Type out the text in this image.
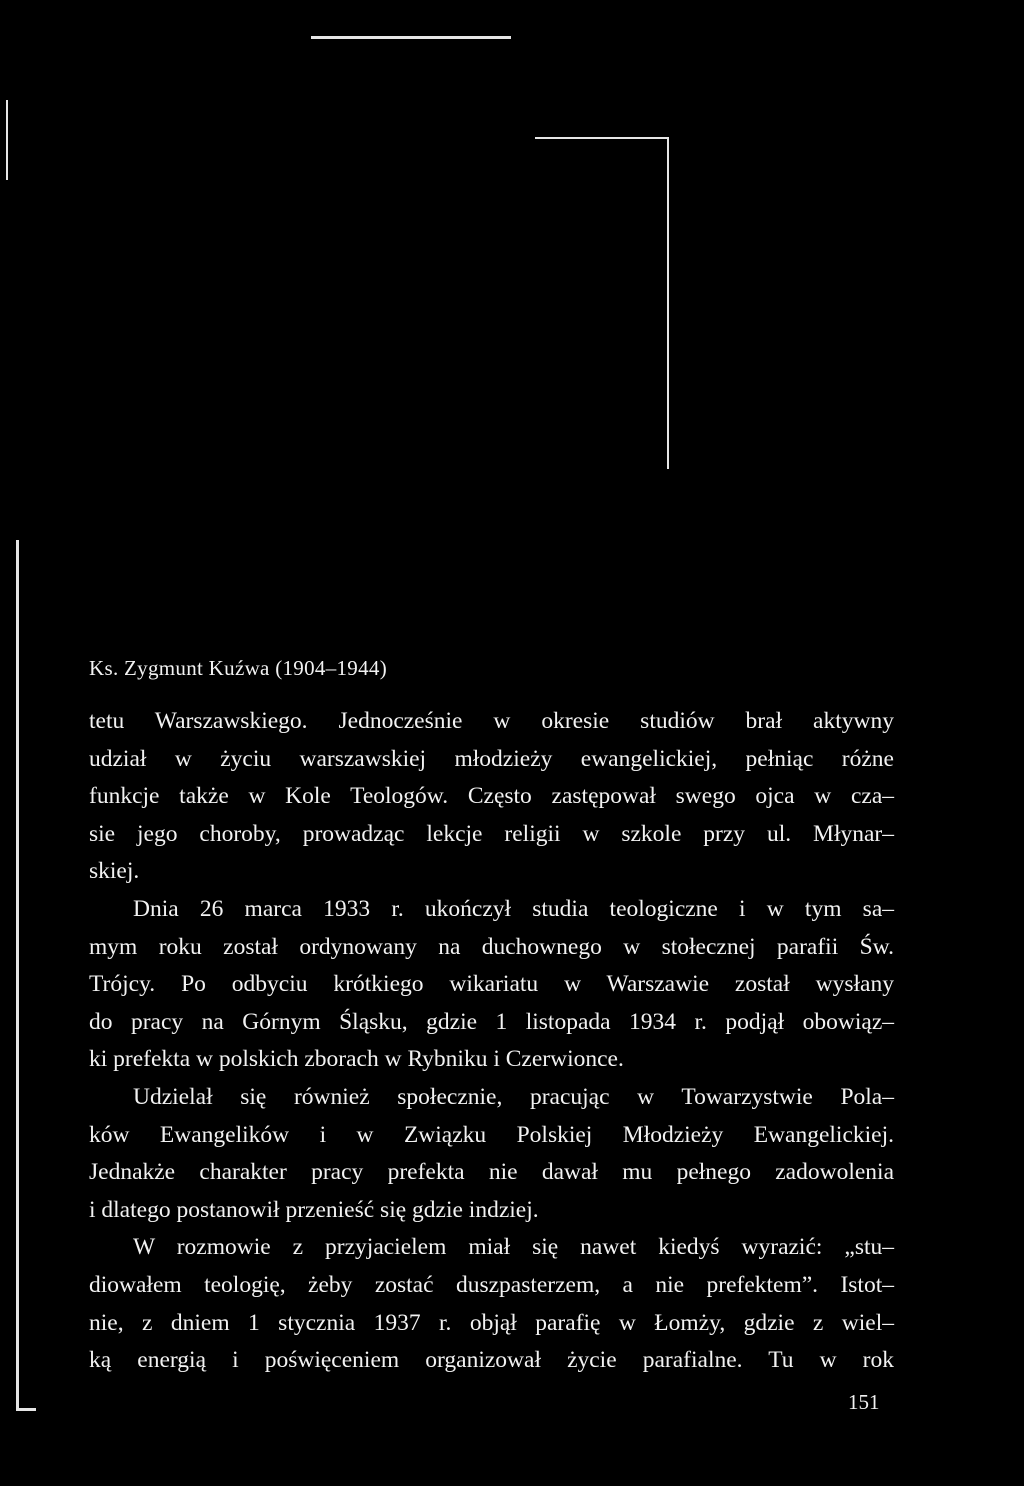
Ks. Zygmunt Kuźwa (1904–1944)
tetu Warszawskiego. Jednocześnie w okresie studiów brał aktywny
udział w życiu warszawskiej młodzieży ewangelickiej, pełniąc różne
funkcje także w Kole Teologów. Często zastępował swego ojca w cza–
sie jego choroby, prowadząc lekcje religii w szkole przy ul. Młynar–
skiej.
Dnia 26 marca 1933 r. ukończył studia teologiczne i w tym sa–
mym roku został ordynowany na duchownego w stołecznej parafii Św.
Trójcy. Po odbyciu krótkiego wikariatu w Warszawie został wysłany
do pracy na Górnym Śląsku, gdzie 1 listopada 1934 r. podjął obowiąz–
ki prefekta w polskich zborach w Rybniku i Czerwionce.
Udzielał się również społecznie, pracując w Towarzystwie Pola–
ków Ewangelików i w Związku Polskiej Młodzieży Ewangelickiej.
Jednakże charakter pracy prefekta nie dawał mu pełnego zadowolenia
i dlatego postanowił przenieść się gdzie indziej.
W rozmowie z przyjacielem miał się nawet kiedyś wyrazić: „stu–
diowałem teologię, żeby zostać duszpasterzem, a nie prefektem”. Istot–
nie, z dniem 1 stycznia 1937 r. objął parafię w Łomży, gdzie z wiel–
ką energią i poświęceniem organizował życie parafialne. Tu w rok
151
